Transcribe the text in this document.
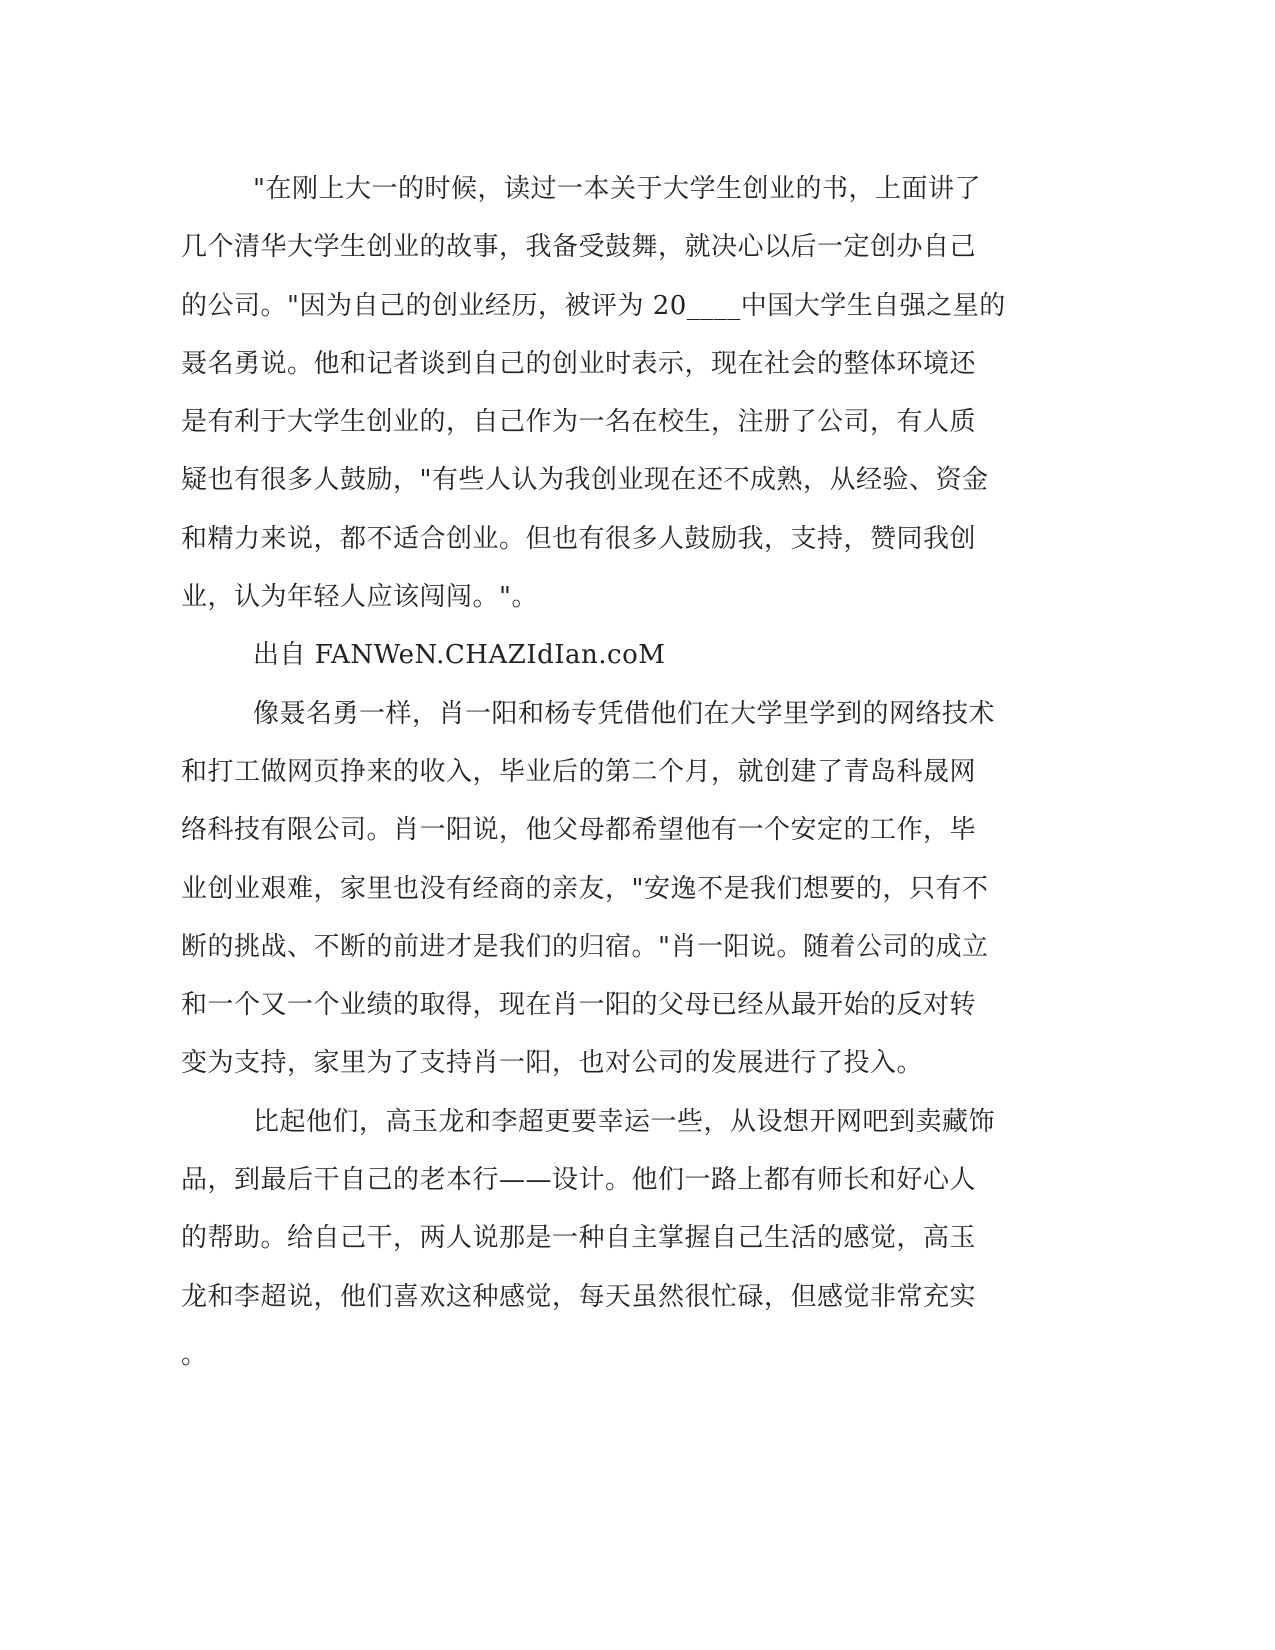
"在刚上大一的时候，读过一本关于大学生创业的书，上面讲了
几个清华大学生创业的故事，我备受鼓舞，就决心以后一定创办自己
的公司。"因为自己的创业经历，被评为 20____中国大学生自强之星的
聂名勇说。他和记者谈到自己的创业时表示，现在社会的整体环境还
是有利于大学生创业的，自己作为一名在校生，注册了公司，有人质
疑也有很多人鼓励，"有些人认为我创业现在还不成熟，从经验、资金
和精力来说，都不适合创业。但也有很多人鼓励我，支持，赞同我创
业，认为年轻人应该闯闯。"。
出自 FANWeN.CHAZIdIan.coM
像聂名勇一样，肖一阳和杨专凭借他们在大学里学到的网络技术
和打工做网页挣来的收入，毕业后的第二个月，就创建了青岛科晟网
络科技有限公司。肖一阳说，他父母都希望他有一个安定的工作，毕
业创业艰难，家里也没有经商的亲友，"安逸不是我们想要的，只有不
断的挑战、不断的前进才是我们的归宿。"肖一阳说。随着公司的成立
和一个又一个业绩的取得，现在肖一阳的父母已经从最开始的反对转
变为支持，家里为了支持肖一阳，也对公司的发展进行了投入。
比起他们，高玉龙和李超更要幸运一些，从设想开网吧到卖藏饰
品，到最后干自己的老本行——设计。他们一路上都有师长和好心人
的帮助。给自己干，两人说那是一种自主掌握自己生活的感觉，高玉
龙和李超说，他们喜欢这种感觉，每天虽然很忙碌，但感觉非常充实
。
